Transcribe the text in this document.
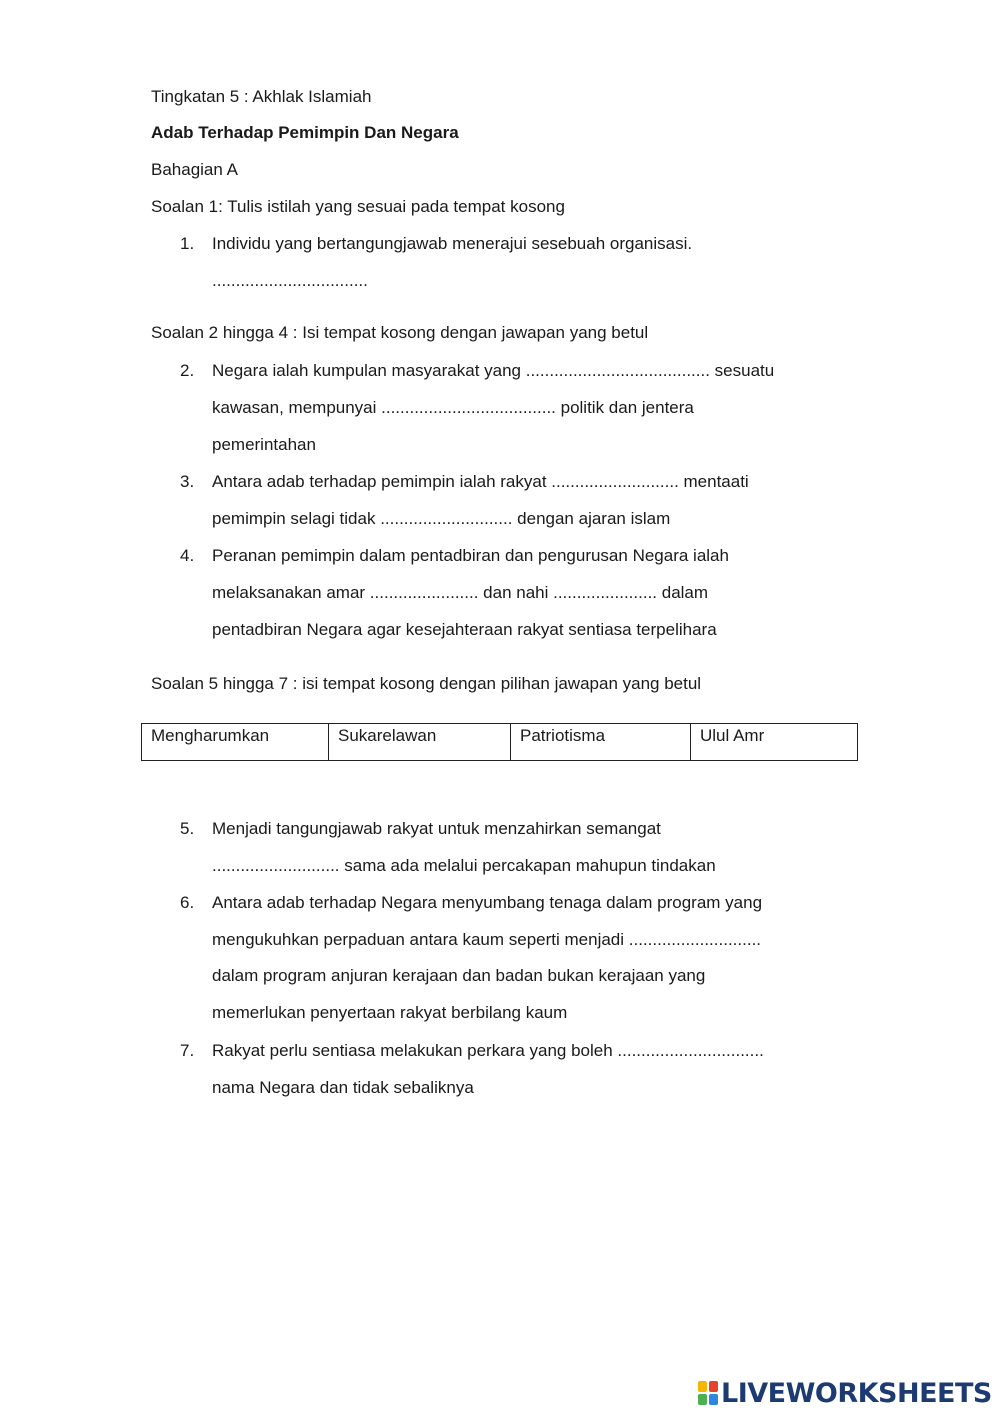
Tingkatan 5 : Akhlak Islamiah
Adab Terhadap Pemimpin Dan Negara
Bahagian A
Soalan 1: Tulis istilah yang sesuai pada tempat kosong
1. Individu yang bertangungjawab menerajui sesebuah organisasi.
.................................
Soalan 2 hingga 4 : Isi tempat kosong dengan jawapan yang betul
2. Negara ialah kumpulan masyarakat yang ....................................... sesuatu
kawasan, mempunyai ..................................... politik dan jentera
pemerintahan
3. Antara adab terhadap pemimpin ialah rakyat ........................... mentaati
pemimpin selagi tidak ............................ dengan ajaran islam
4. Peranan pemimpin dalam pentadbiran dan pengurusan Negara ialah
melaksanakan amar ....................... dan nahi ...................... dalam
pentadbiran Negara agar kesejahteraan rakyat sentiasa terpelihara
Soalan 5 hingga 7 : isi tempat kosong dengan pilihan jawapan yang betul
Mengharumkan	Sukarelawan	Patriotisma	Ulul Amr
5. Menjadi tangungjawab rakyat untuk menzahirkan semangat
........................... sama ada melalui percakapan mahupun tindakan
6. Antara adab terhadap Negara menyumbang tenaga dalam program yang
mengukuhkan perpaduan antara kaum seperti menjadi ............................
dalam program anjuran kerajaan dan badan bukan kerajaan yang
memerlukan penyertaan rakyat berbilang kaum
7. Rakyat perlu sentiasa melakukan perkara yang boleh ...............................
nama Negara dan tidak sebaliknya
LIVEWORKSHEETS
